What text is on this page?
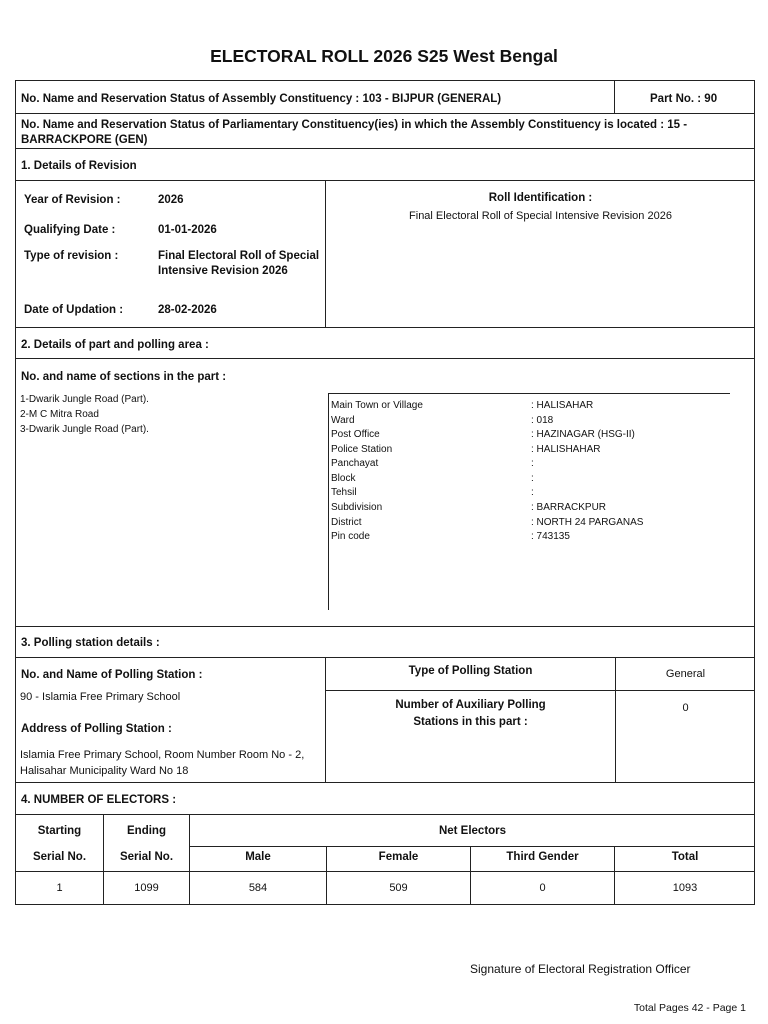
ELECTORAL ROLL 2026 S25 West Bengal
No. Name and Reservation Status of Assembly Constituency : 103 - BIJPUR (GENERAL)	Part No. : 90
No. Name and Reservation Status of Parliamentary Constituency(ies) in which the Assembly Constituency is located : 15 - BARRACKPORE (GEN)
1. Details of Revision
Year of Revision :	2026
Qualifying Date :	01-01-2026
Type of revision :	Final Electoral Roll of Special Intensive Revision 2026
Date of Updation :	28-02-2026
Roll Identification :
Final Electoral Roll of Special Intensive Revision 2026
2. Details of part and polling area :
No. and name of sections in the part :
1-Dwarik Jungle Road (Part).
2-M C Mitra Road
3-Dwarik Jungle Road (Part).
Main Town or Village	: HALISAHAR
Ward	: 018
Post Office	: HAZINAGAR (HSG-II)
Police Station	: HALISHAHAR
Panchayat	:
Block	:
Tehsil	:
Subdivision	: BARRACKPUR
District	: NORTH 24 PARGANAS
Pin code	: 743135
3. Polling station details :
No. and Name of Polling Station :
90 - Islamia Free Primary School
Address of Polling Station :
Islamia Free Primary School, Room Number Room No - 2, Halisahar Municipality Ward No 18
Type of Polling Station	General
Number of Auxiliary Polling Stations in this part :
0
4. NUMBER OF ELECTORS :
Starting
Serial No.
Ending
Serial No.
Net Electors
Male	Female	Third Gender	Total
1	1099	584	509	0	1093
Signature of Electoral Registration Officer
Total Pages 42 - Page 1
